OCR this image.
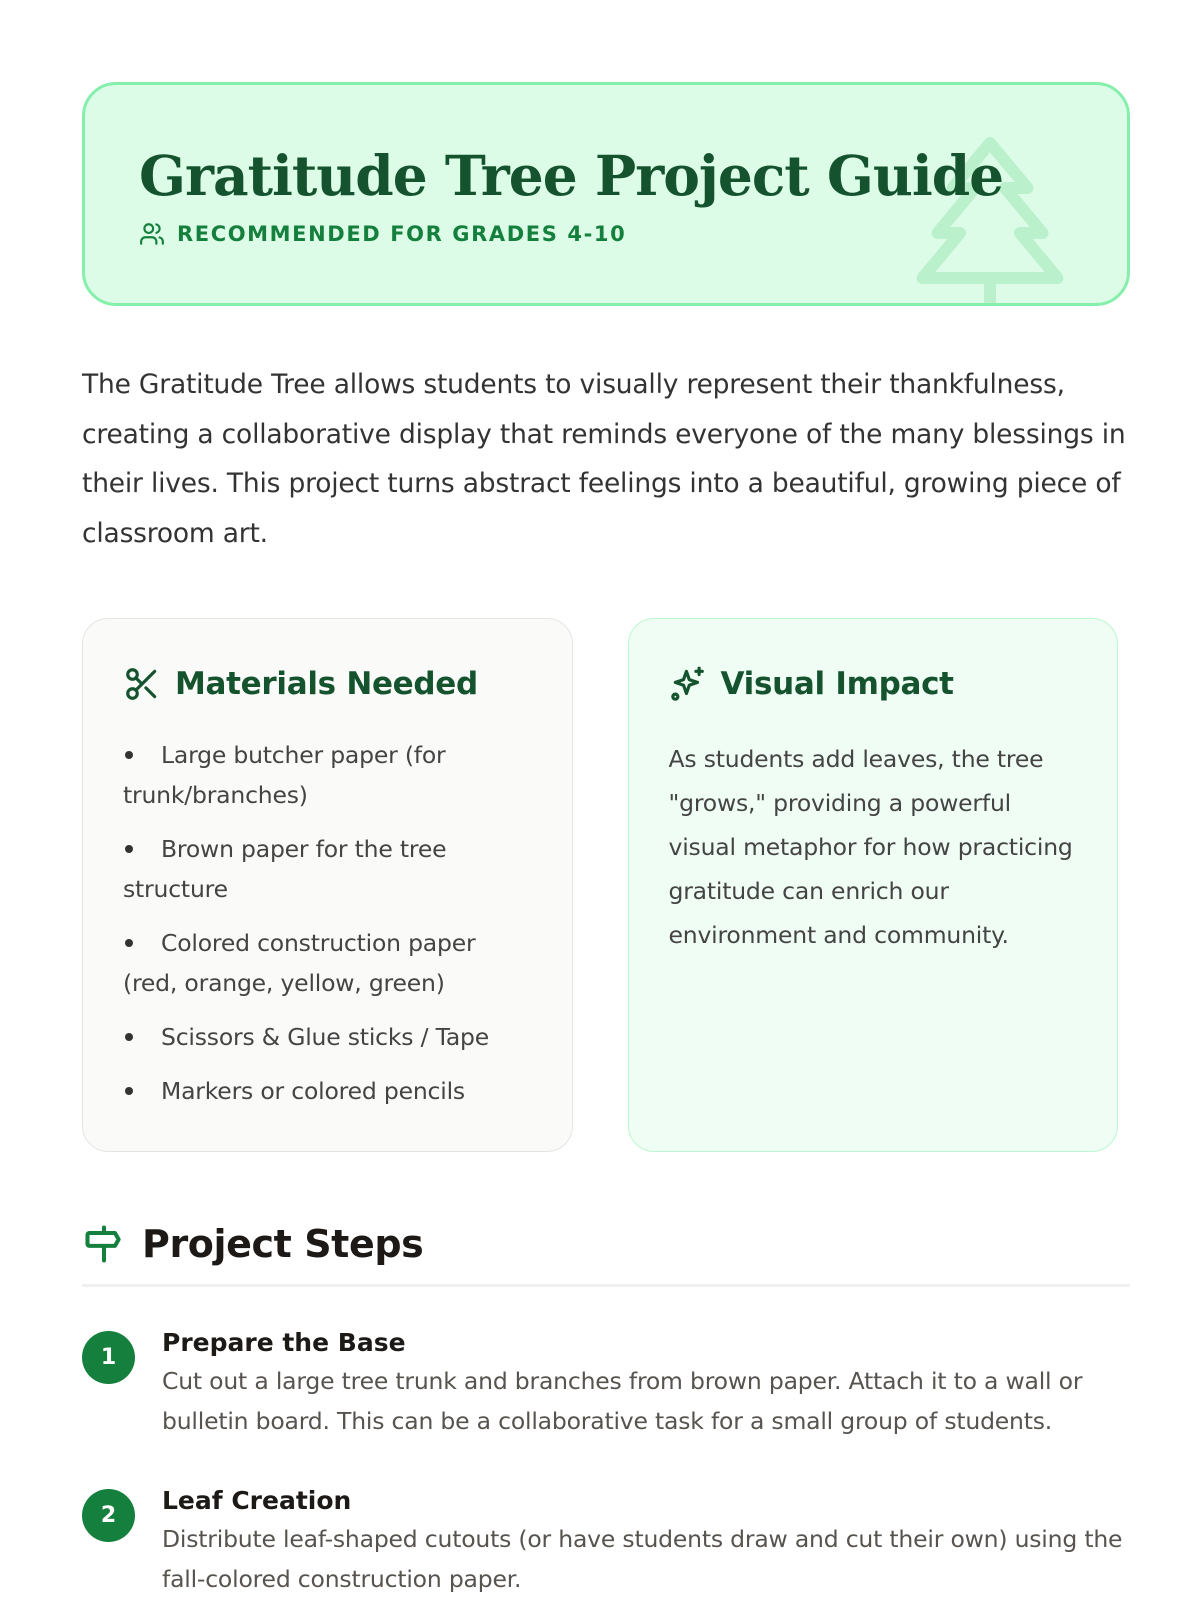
Gratitude Tree Project Guide
RECOMMENDED FOR GRADES 4-10

The Gratitude Tree allows students to visually represent their thankfulness, creating a collaborative display that reminds everyone of the many blessings in their lives. This project turns abstract feelings into a beautiful, growing piece of classroom art.

Materials Needed
Large butcher paper (for trunk/branches)
Brown paper for the tree structure
Colored construction paper (red, orange, yellow, green)
Scissors & Glue sticks / Tape
Markers or colored pencils
Visual Impact

As students add leaves, the tree "grows," providing a powerful visual metaphor for how practicing gratitude can enrich our environment and community.

Project Steps
1
Prepare the Base
Cut out a large tree trunk and branches from brown paper. Attach it to a wall or bulletin board. This can be a collaborative task for a small group of students.
2
Leaf Creation
Distribute leaf-shaped cutouts (or have students draw and cut their own) using the fall-colored construction paper.
